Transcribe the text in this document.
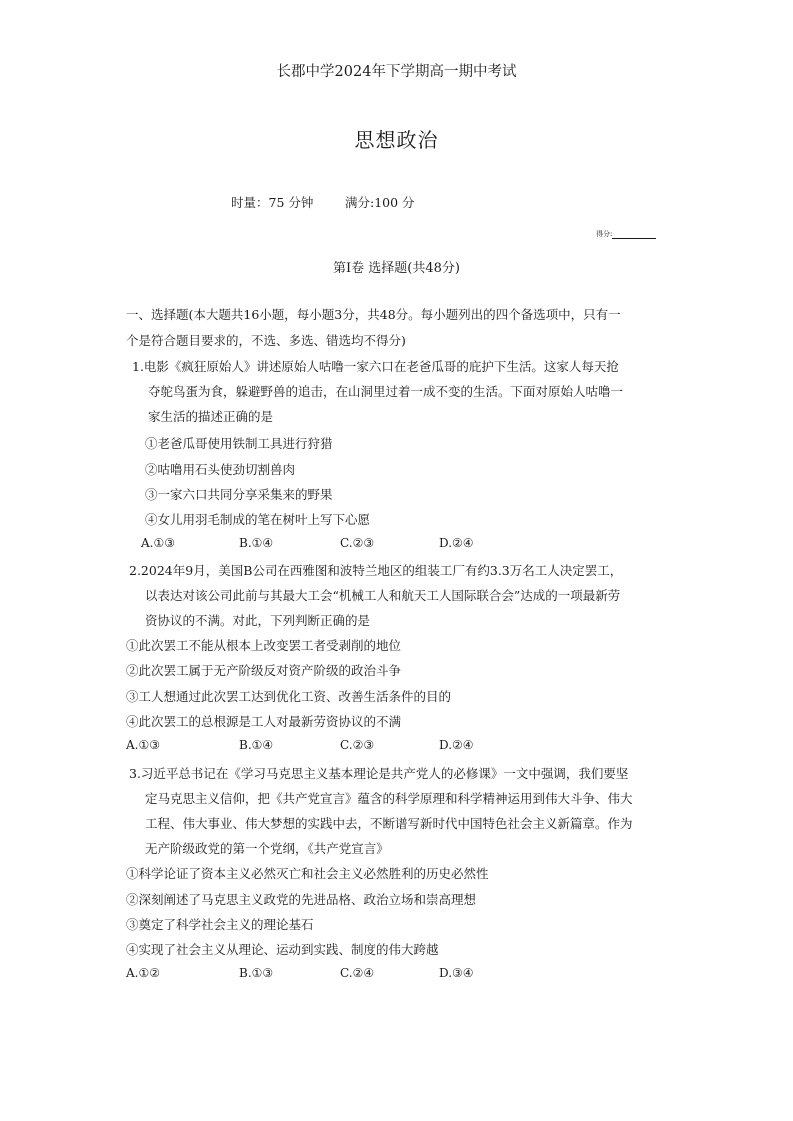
长郡中学2024年下学期高一期中考试
思想政治
时量：75 分钟	满分:100 分
得分:
第Ⅰ卷 选择题(共48分)
一、选择题(本大题共16小题，每小题3分，共48分。每小题列出的四个备选项中，只有一
个是符合题目要求的，不选、多选、错选均不得分)
1.电影《疯狂原始人》讲述原始人咕噜一家六口在老爸瓜哥的庇护下生活。这家人每天抢
夺鸵鸟蛋为食，躲避野兽的追击，在山洞里过着一成不变的生活。下面对原始人咕噜一
家生活的描述正确的是
①老爸瓜哥使用铁制工具进行狩猎
②咕噜用石头使劲切割兽肉
③一家六口共同分享采集来的野果
④女儿用羽毛制成的笔在树叶上写下心愿
A.①③	B.①④	C.②③	D.②④
2.2024年9月，美国B公司在西雅图和波特兰地区的组装工厂有约3.3万名工人决定罢工，
以表达对该公司此前与其最大工会“机械工人和航天工人国际联合会”达成的一项最新劳
资协议的不满。对此，下列判断正确的是
①此次罢工不能从根本上改变罢工者受剥削的地位
②此次罢工属于无产阶级反对资产阶级的政治斗争
③工人想通过此次罢工达到优化工资、改善生活条件的目的
④此次罢工的总根源是工人对最新劳资协议的不满
A.①③	B.①④	C.②③	D.②④
3.习近平总书记在《学习马克思主义基本理论是共产党人的必修课》一文中强调，我们要坚
定马克思主义信仰，把《共产党宣言》蕴含的科学原理和科学精神运用到伟大斗争、伟大
工程、伟大事业、伟大梦想的实践中去，不断谱写新时代中国特色社会主义新篇章。作为
无产阶级政党的第一个党纲，《共产党宣言》
①科学论证了资本主义必然灭亡和社会主义必然胜利的历史必然性
②深刻阐述了马克思主义政党的先进品格、政治立场和崇高理想
③奠定了科学社会主义的理论基石
④实现了社会主义从理论、运动到实践、制度的伟大跨越
A.①②	B.①③	C.②④	D.③④
